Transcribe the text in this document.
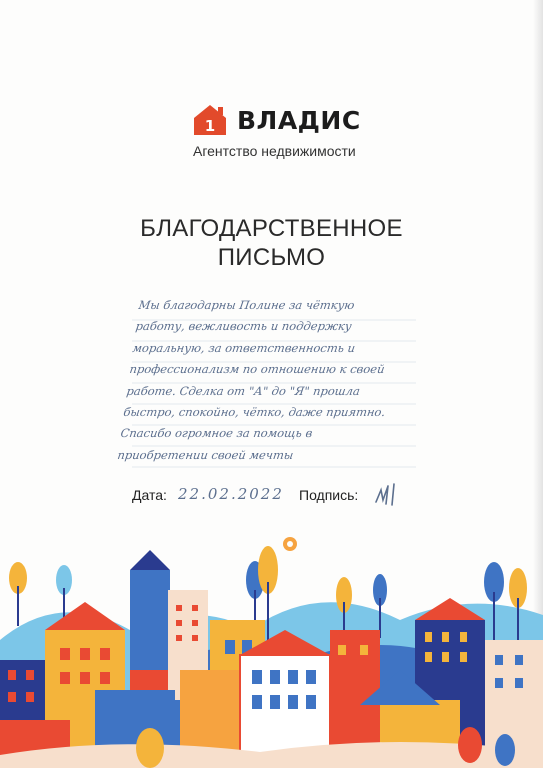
1 ВЛАДИС
Агентство недвижимости
БЛАГОДАРСТВЕННОЕ
ПИСЬМО
Мы благодарны Полине за чёткую
работу, вежливость и поддержку
моральную, за ответственность и
профессионализм по отношению к своей
работе. Сделка от "А" до "Я" прошла
быстро, спокойно, чётко, даже приятно.
Спасибо огромное за помощь в
приобретении своей мечты
Дата: 22.02.2022 Подпись:
